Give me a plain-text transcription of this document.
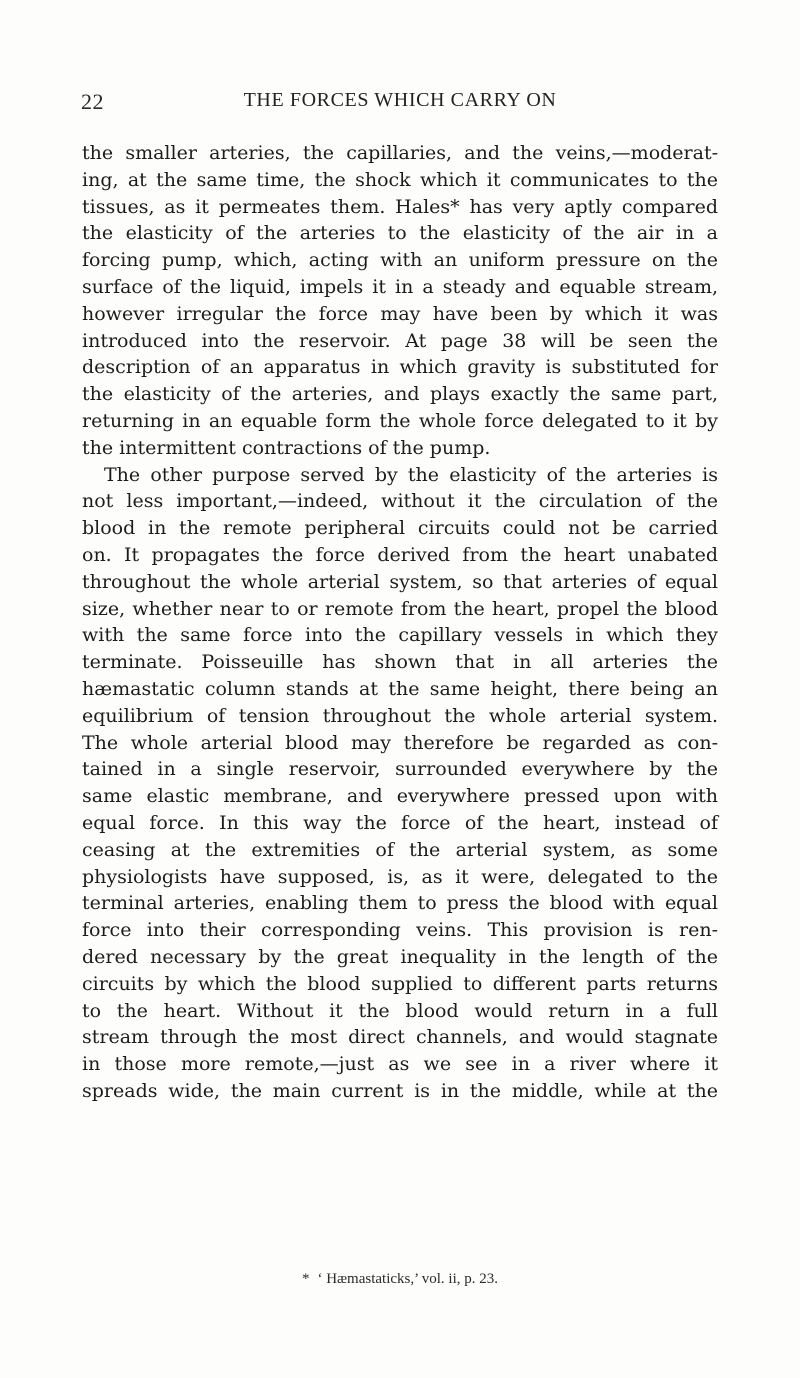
22	THE FORCES WHICH CARRY ON
the smaller arteries, the capillaries, and the veins,—moderat-
ing, at the same time, the shock which it communicates to the
tissues, as it permeates them. Hales* has very aptly compared
the elasticity of the arteries to the elasticity of the air in a
forcing pump, which, acting with an uniform pressure on the
surface of the liquid, impels it in a steady and equable stream,
however irregular the force may have been by which it was
introduced into the reservoir. At page 38 will be seen the
description of an apparatus in which gravity is substituted for
the elasticity of the arteries, and plays exactly the same part,
returning in an equable form the whole force delegated to it by
the intermittent contractions of the pump.
The other purpose served by the elasticity of the arteries is
not less important,—indeed, without it the circulation of the
blood in the remote peripheral circuits could not be carried
on. It propagates the force derived from the heart unabated
throughout the whole arterial system, so that arteries of equal
size, whether near to or remote from the heart, propel the blood
with the same force into the capillary vessels in which they
terminate. Poisseuille has shown that in all arteries the
hæmastatic column stands at the same height, there being an
equilibrium of tension throughout the whole arterial system.
The whole arterial blood may therefore be regarded as con-
tained in a single reservoir, surrounded everywhere by the
same elastic membrane, and everywhere pressed upon with
equal force. In this way the force of the heart, instead of
ceasing at the extremities of the arterial system, as some
physiologists have supposed, is, as it were, delegated to the
terminal arteries, enabling them to press the blood with equal
force into their corresponding veins. This provision is ren-
dered necessary by the great inequality in the length of the
circuits by which the blood supplied to different parts returns
to the heart. Without it the blood would return in a full
stream through the most direct channels, and would stagnate
in those more remote,—just as we see in a river where it
spreads wide, the main current is in the middle, while at the
* ‘ Hæmastaticks,’ vol. ii, p. 23.
